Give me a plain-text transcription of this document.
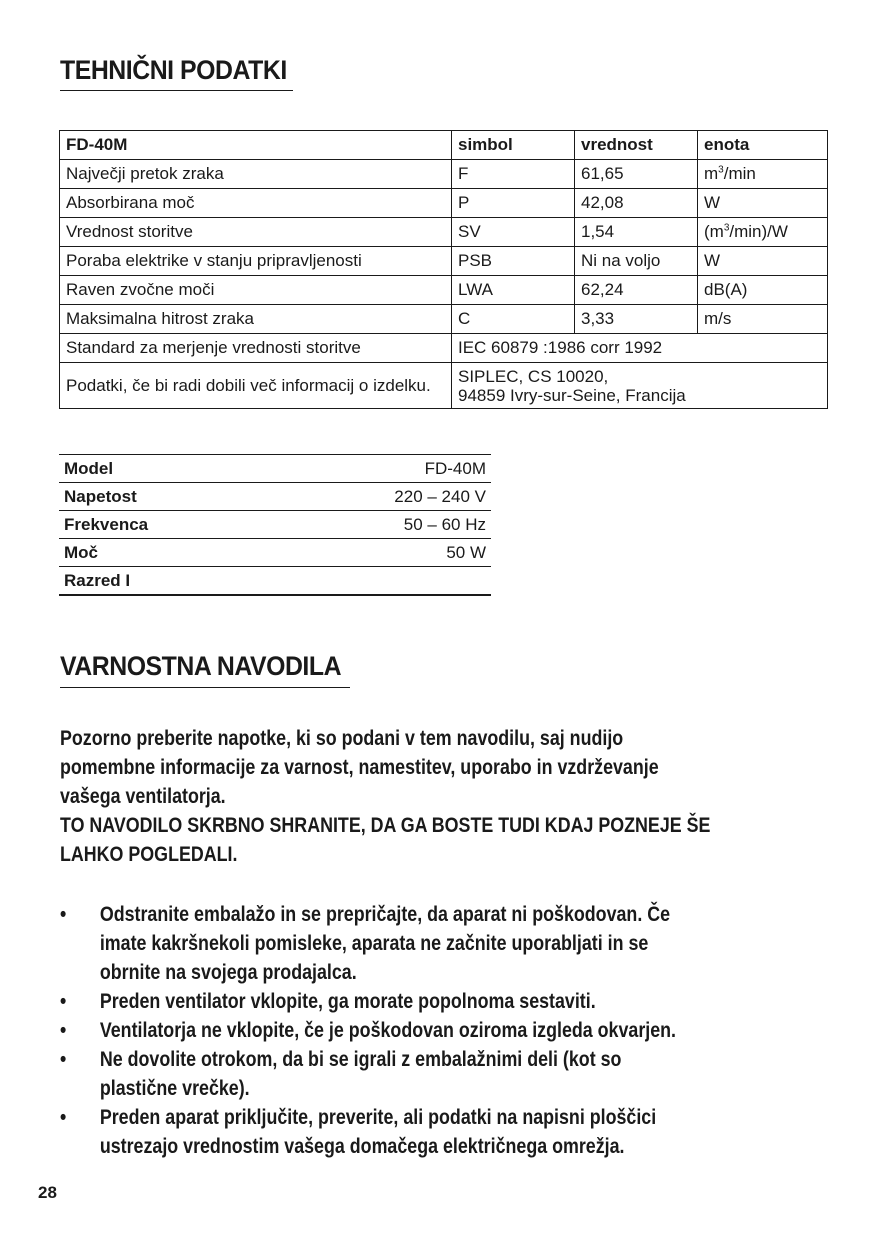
TEHNIČNI PODATKI
FD-40M	simbol	vrednost	enota
Največji pretok zraka	F	61,65	$m^3/\min$
Absorbirana moč	P	42,08	W
Vrednost storitve	SV	1,54	$(m^3/\min)/W$
Poraba elektrike v stanju pripravljenosti	PSB	Ni na voljo	W
Raven zvočne moči	LWA	62,24	dB(A)
Maksimalna hitrost zraka	C	3,33	m/s
Standard za merjenje vrednosti storitve	IEC 60879 :1986 corr 1992		
Podatki, če bi radi dobili več informacij o izdelku.	SIPLEC, CS 10020,
94859 Ivry-sur-Seine, Francija		
Model	FD-40M
Napetost	220 – 240 V
Frekvenca	50 – 60 Hz
Moč	50 W
Razred I	
VARNOSTNA NAVODILA

Pozorno preberite napotke, ki so podani v tem navodilu, saj nudijo

pomembne informacije za varnost, namestitev, uporabo in vzdrževanje

vašega ventilatorja.

TO NAVODILO SKRBNO SHRANITE, DA GA BOSTE TUDI KDAJ POZNEJE ŠE

LAHKO POGLEDALI.

• Odstranite embalažo in se prepričajte, da aparat ni poškodovan. Če
imate kakršnekoli pomisleke, aparata ne začnite uporabljati in se
obrnite na svojega prodajalca.
• Preden ventilator vklopite, ga morate popolnoma sestaviti.
• Ventilatorja ne vklopite, če je poškodovan oziroma izgleda okvarjen.
• Ne dovolite otrokom, da bi se igrali z embalažnimi deli (kot so
plastične vrečke).
• Preden aparat priključite, preverite, ali podatki na napisni ploščici
ustrezajo vrednostim vašega domačega električnega omrežja.
28
